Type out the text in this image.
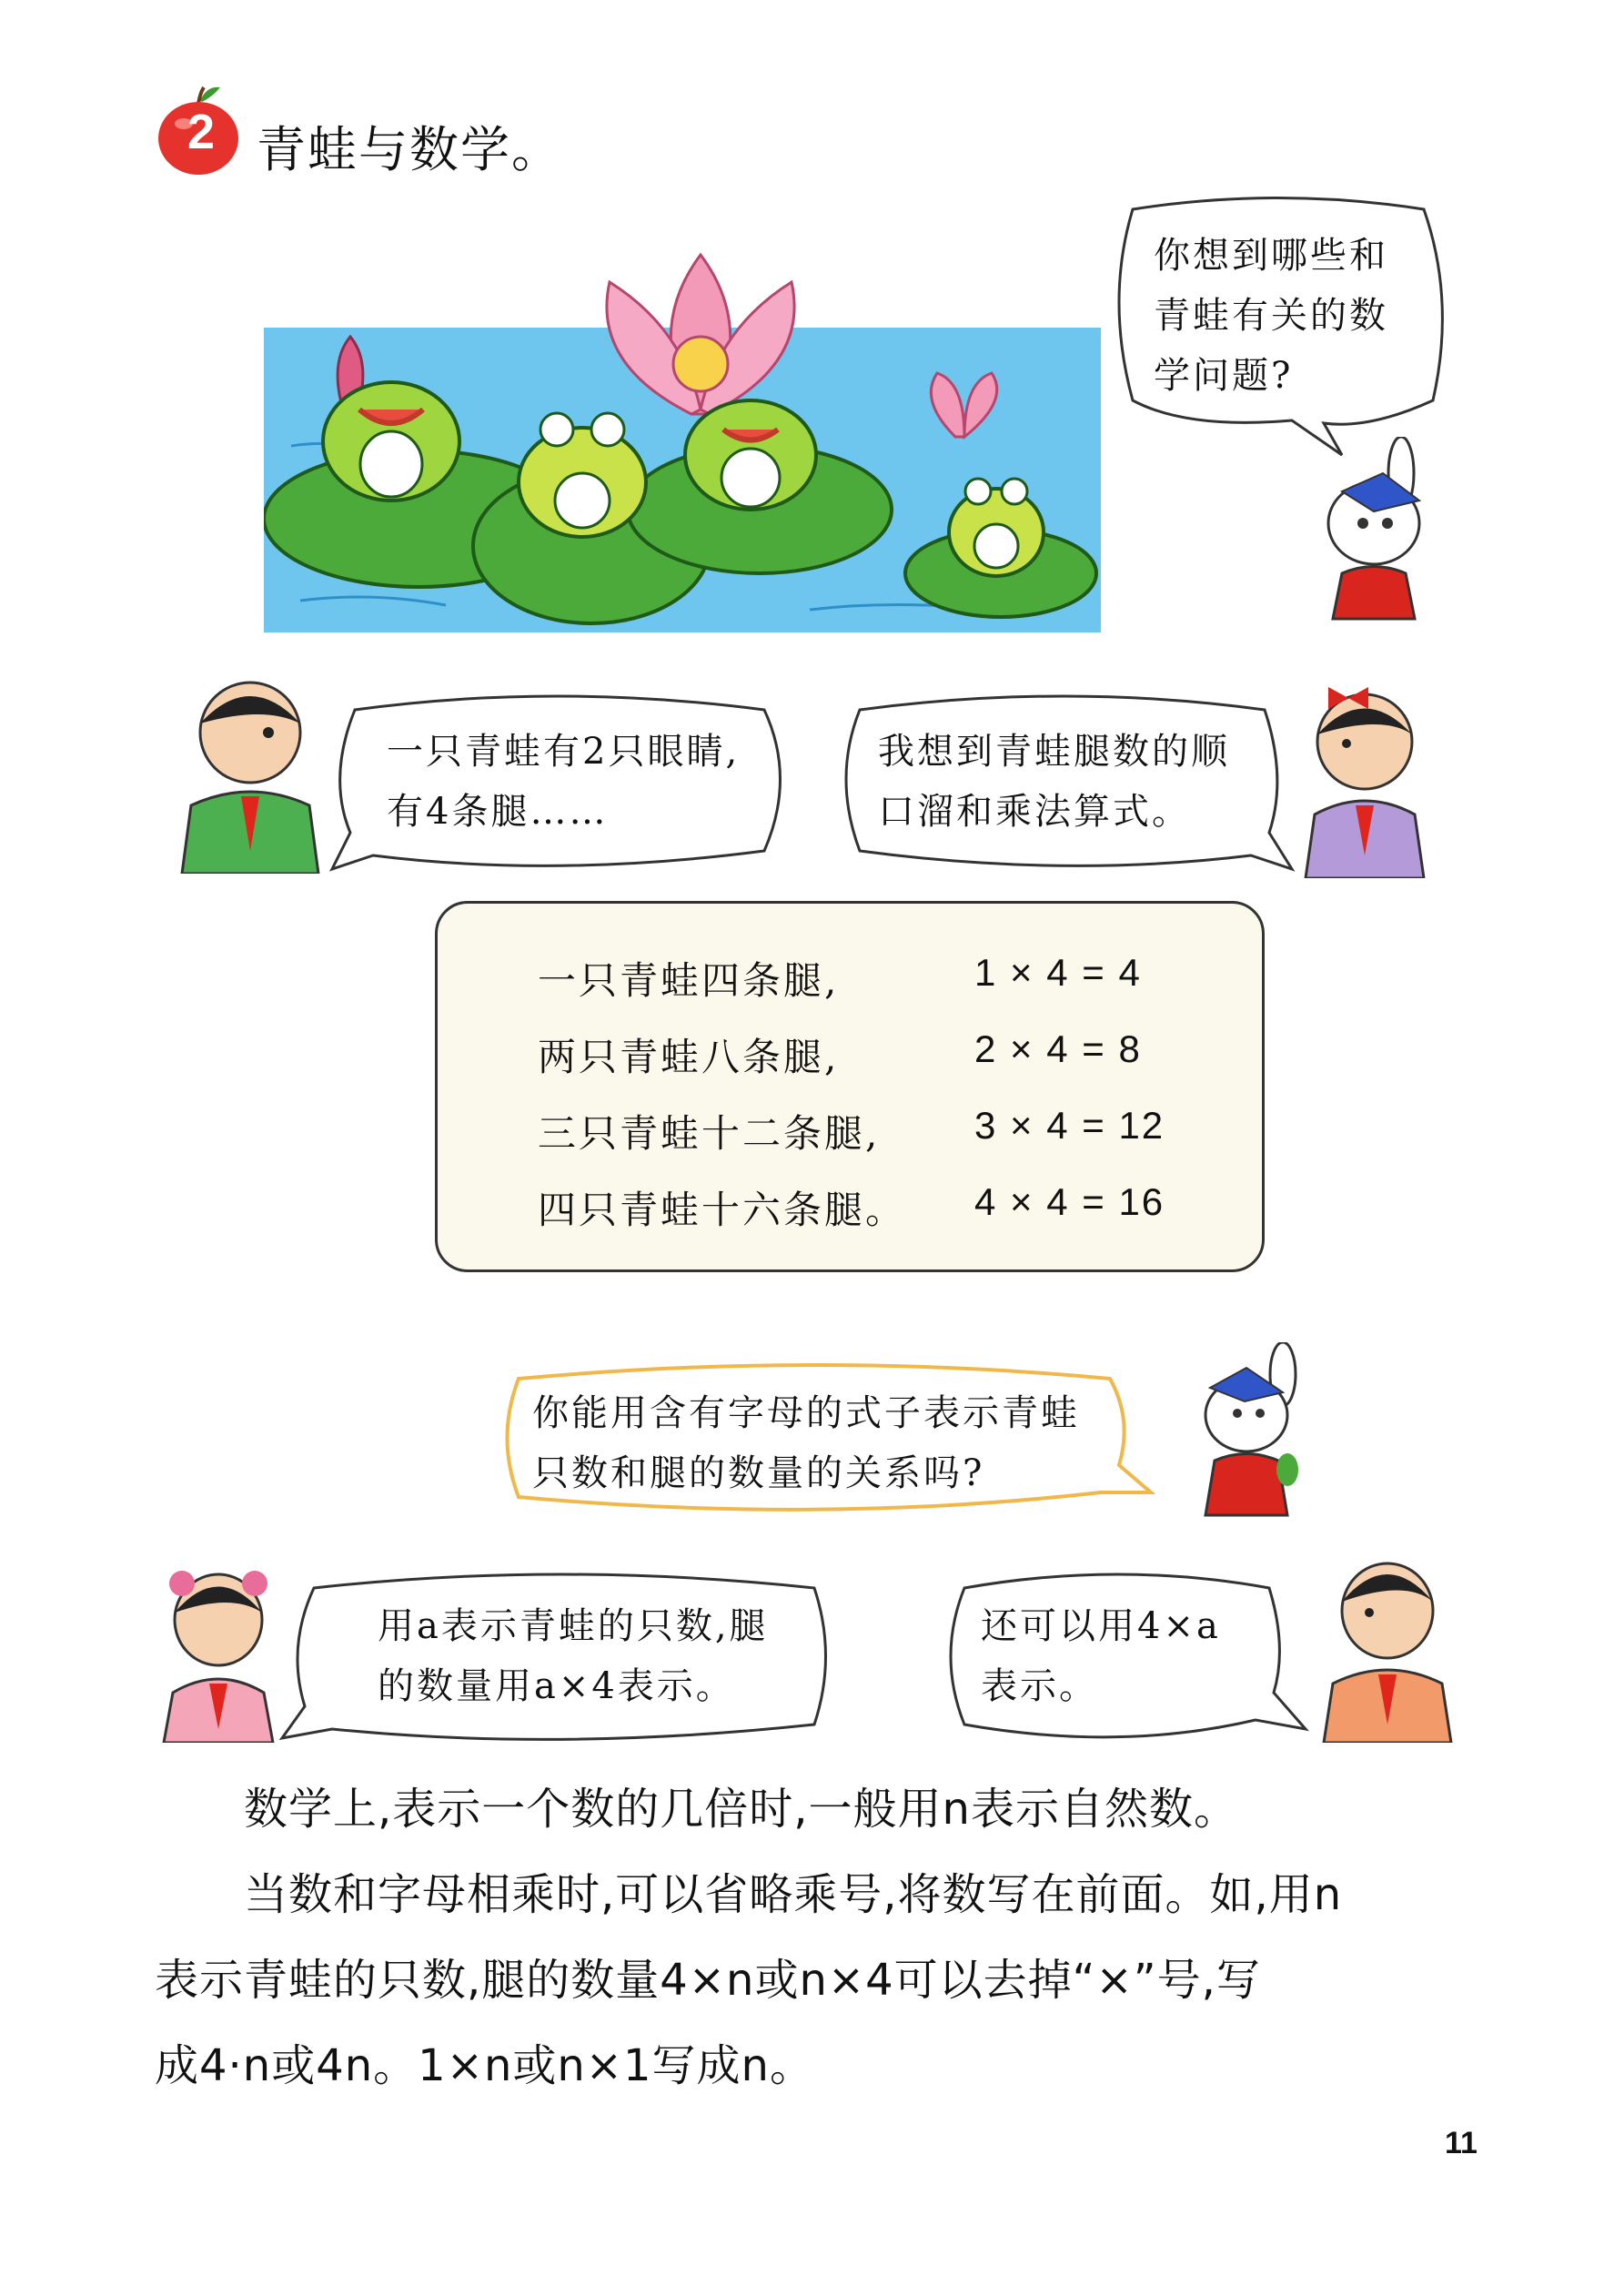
2 青蛙与数学。
你想到哪些和
青蛙有关的数
学问题?
一只青蛙有2只眼睛,
有4条腿……
我想到青蛙腿数的顺
口溜和乘法算式。
一只青蛙四条腿,	1 × 4 = 4
两只青蛙八条腿,	2 × 4 = 8
三只青蛙十二条腿, 3 × 4 = 12
四只青蛙十六条腿。 4 × 4 = 16
你能用含有字母的式子表示青蛙
只数和腿的数量的关系吗?
用a表示青蛙的只数,腿
的数量用a×4表示。
还可以用4×a
表示。
数学上,表示一个数的几倍时,一般用n表示自然数。
当数和字母相乘时,可以省略乘号,将数写在前面。如,用n
表示青蛙的只数,腿的数量4×n或n×4可以去掉“×”号,写
成4·n或4n。1×n或n×1写成n。
11
